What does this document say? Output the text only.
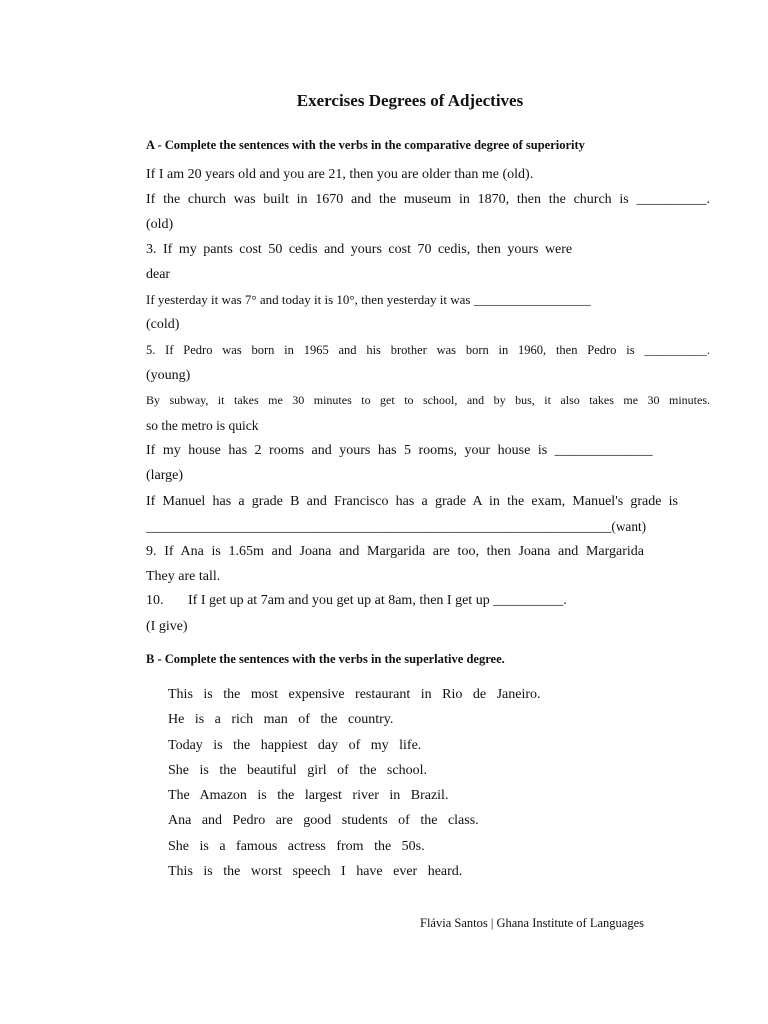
Exercises Degrees of Adjectives

A - Complete the sentences with the verbs in the comparative degree of superiority

If I am 20 years old and you are 21, then you are older than me (old).

If the church was built in 1670 and the museum in 1870, then the church is __________.

(old)

3. If my pants cost 50 cedis and yours cost 70 cedis, then yours were

dear

If yesterday it was 7° and today it is 10°, then yesterday it was __________________

(cold)

5. If Pedro was born in 1965 and his brother was born in 1960, then Pedro is __________.

(young)

By subway, it takes me 30 minutes to get to school, and by bus, it also takes me 30 minutes.

so the metro is quick

If my house has 2 rooms and yours has 5 rooms, your house is ______________

(large)

If Manuel has a grade B and Francisco has a grade A in the exam, Manuel's grade is

______________________________________________________________________(want)

9. If Ana is 1.65m and Joana and Margarida are too, then Joana and Margarida

They are tall.

10. If I get up at 7am and you get up at 8am, then I get up __________.

(I give)

B - Complete the sentences with the verbs in the superlative degree.

This is the most expensive restaurant in Rio de Janeiro.
He is a rich man of the country.
Today is the happiest day of my life.
She is the beautiful girl of the school.
The Amazon is the largest river in Brazil.
Ana and Pedro are good students of the class.
She is a famous actress from the 50s.
This is the worst speech I have ever heard.

Flávia Santos | Ghana Institute of Languages
